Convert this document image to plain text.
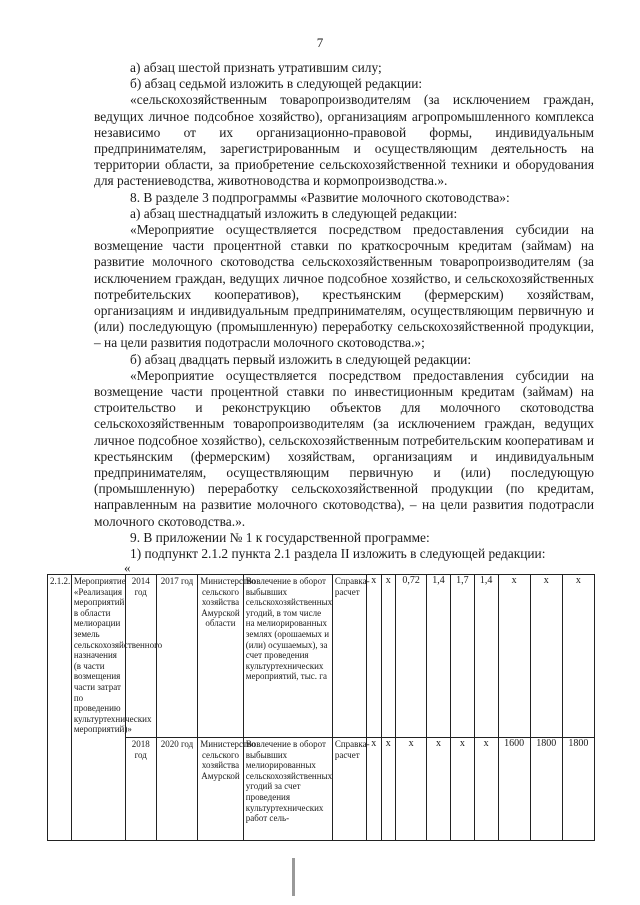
7

а) абзац шестой признать утратившим силу;

б) абзац седьмой изложить в следующей редакции:

«сельскохозяйственным товаропроизводителям (за исключением граждан, ведущих личное подсобное хозяйство), организациям агропромышленного комплекса независимо от их организационно-правовой формы, индивидуальным предпринимателям, зарегистрированным и осуществляющим деятельность на территории области, за приобретение сельскохозяйственной техники и оборудования для растениеводства, животноводства и кормопроизводства.».

8. В разделе 3 подпрограммы «Развитие молочного скотоводства»:

а) абзац шестнадцатый изложить в следующей редакции:

«Мероприятие осуществляется посредством предоставления субсидии на возмещение части процентной ставки по краткосрочным кредитам (займам) на развитие молочного скотоводства сельскохозяйственным товаропроизводителям (за исключением граждан, ведущих личное подсобное хозяйство, и сельскохозяйственных потребительских кооперативов), крестьянским (фермерским) хозяйствам, организациям и индивидуальным предпринимателям, осуществляющим первичную и (или) последующую (промышленную) переработку сельскохозяйственной продукции, – на цели развития подотрасли молочного скотоводства.»;

б) абзац двадцать первый изложить в следующей редакции:

«Мероприятие осуществляется посредством предоставления субсидии на возмещение части процентной ставки по инвестиционным кредитам (займам) на строительство и реконструкцию объектов для молочного скотоводства сельскохозяйственным товаропроизводителям (за исключением граждан, ведущих личное подсобное хозяйство), сельскохозяйственным потребительским кооперативам и крестьянским (фермерским) хозяйствам, организациям и индивидуальным предпринимателям, осуществляющим первичную и (или) последующую (промышленную) переработку сельскохозяйственной продукции (по кредитам, направленным на развитие молочного скотоводства), – на цели развития подотрасли молочного скотоводства.».

9. В приложении № 1 к государственной программе:

1) подпункт 2.1.2 пункта 2.1 раздела II изложить в следующей редакции:

«
2.1.2.	Мероприятие «Реализация мероприятий в области мелиорации земель сельскохозяйственного назначения (в части возмещения части затрат по проведению культуртехнических мероприятий)»	2014 год	2017 год	Министерство сельского хозяйства Амурской области	Вовлечение в оборот выбывших сельскохозяйственных угодий, в том числе на мелиорированных землях (орошаемых и (или) осушаемых), за счет проведения культуртехнических мероприятий, тыс. га	Справка-расчет	х	х	0,72	1,4	1,7	1,4	х	х	х
		2018 год	2020 год	Министерство сельского хозяйства Амурской	Вовлечение в оборот выбывших мелиорированных сельскохозяйственных угодий за счет проведения культуртехнических работ сель-	Справка-расчет	х	х	х	х	х	х	1600	1800	1800
